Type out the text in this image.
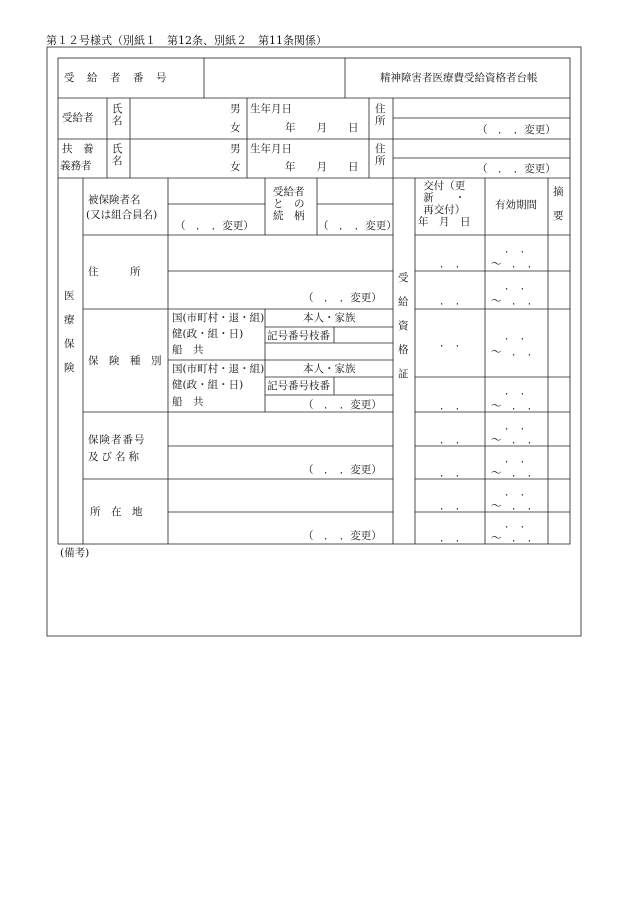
第１２号様式（別紙１　第12条、別紙２　第11条関係）
受　給　者　番　号	精神障害者医療費受給資格者台帳
受給者
氏
名
男
女
生年月日
年　　月　　日
住
所
（　．　．変更）
扶　養
義務者
氏
名
男
女
生年月日
年　　月　　日
住
所
（　．　．変更）
医

療

保

険
被保険者名
(又は組合員名)
（　．　．変更）
受給者
と　の
続　柄
（　．　．変更）
住　　　所
（　．　．変更）
保　険　種　別
国(市町村・退・組)
健(政・組・日)
船　共
本人・家族
記号番号枝番
国(市町村・退・組)
健(政・組・日)
船　共
本人・家族
記号番号枝番
（　．　．変更）
保険者番号
及び名称
（　．　．変更）
所　在　地
（　．　．変更）
受

給

資

格

証
交付（更
新　　・
再交付）
年　月　日
有効期間
摘

要
．　．
．　．
～　．　．
．　．
．　．
～　．　．
．　．
．　．
～　．　．
．　．
．　．
～　．　．
．　．
．　．
～　．　．
．　．
．　．
～　．　．
．　．
．　．
～　．　．
．　．
．　．
～　．　．
(備考)
